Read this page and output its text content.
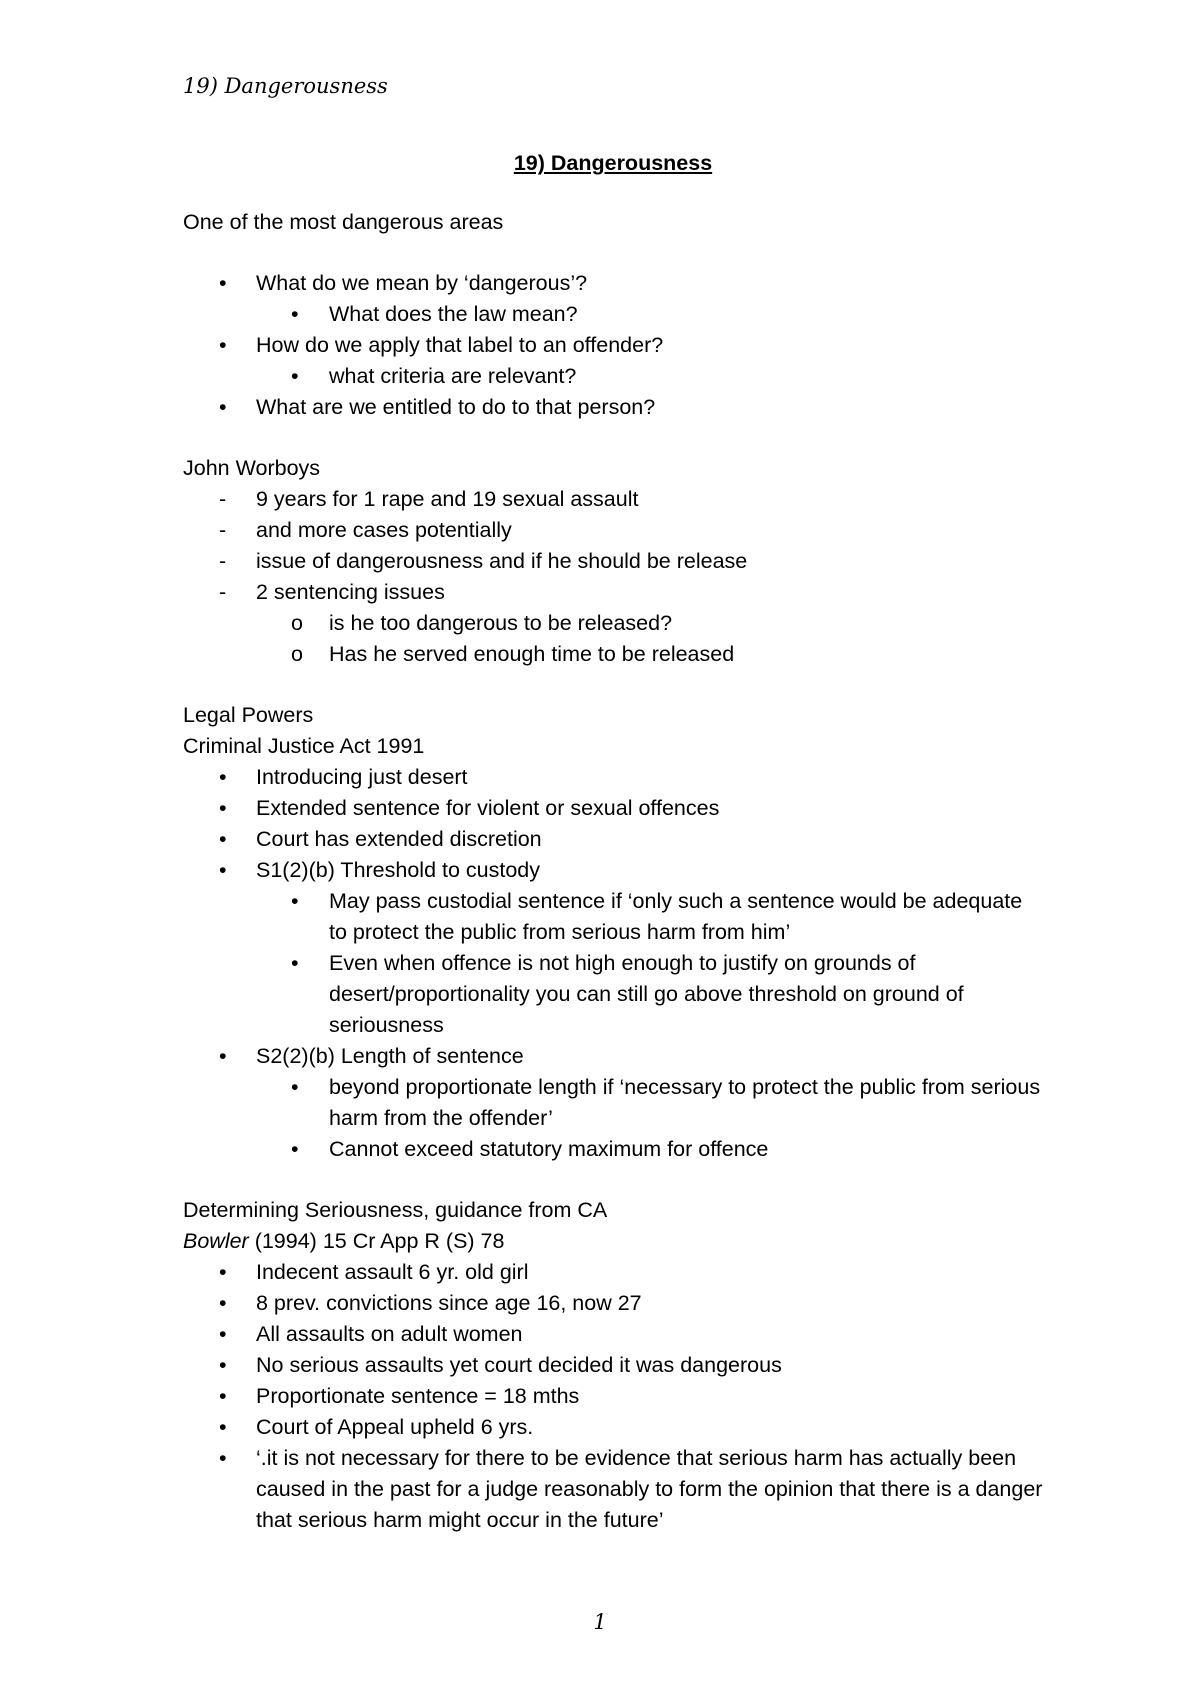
19) Dangerousness
19) Dangerousness

One of the most dangerous areas

• What do we mean by ‘dangerous’?
• What does the law mean?
• How do we apply that label to an offender?
• what criteria are relevant?
• What are we entitled to do to that person?

John Worboys

- 9 years for 1 rape and 19 sexual assault
- and more cases potentially
- issue of dangerousness and if he should be release
- 2 sentencing issues
o is he too dangerous to be released?
o Has he served enough time to be released

Legal Powers

Criminal Justice Act 1991

• Introducing just desert
• Extended sentence for violent or sexual offences
• Court has extended discretion
• S1(2)(b) Threshold to custody
• May pass custodial sentence if ‘only such a sentence would be adequate to protect the public from serious harm from him’
• Even when offence is not high enough to justify on grounds of desert/proportionality you can still go above threshold on ground of seriousness
• S2(2)(b) Length of sentence
• beyond proportionate length if ‘necessary to protect the public from serious harm from the offender’
• Cannot exceed statutory maximum for offence

Determining Seriousness, guidance from CA

Bowler (1994) 15 Cr App R (S) 78

• Indecent assault 6 yr. old girl
• 8 prev. convictions since age 16, now 27
• All assaults on adult women
• No serious assaults yet court decided it was dangerous
• Proportionate sentence = 18 mths
• Court of Appeal upheld 6 yrs.
• ‘.it is not necessary for there to be evidence that serious harm has actually been caused in the past for a judge reasonably to form the opinion that there is a danger that serious harm might occur in the future’
1
